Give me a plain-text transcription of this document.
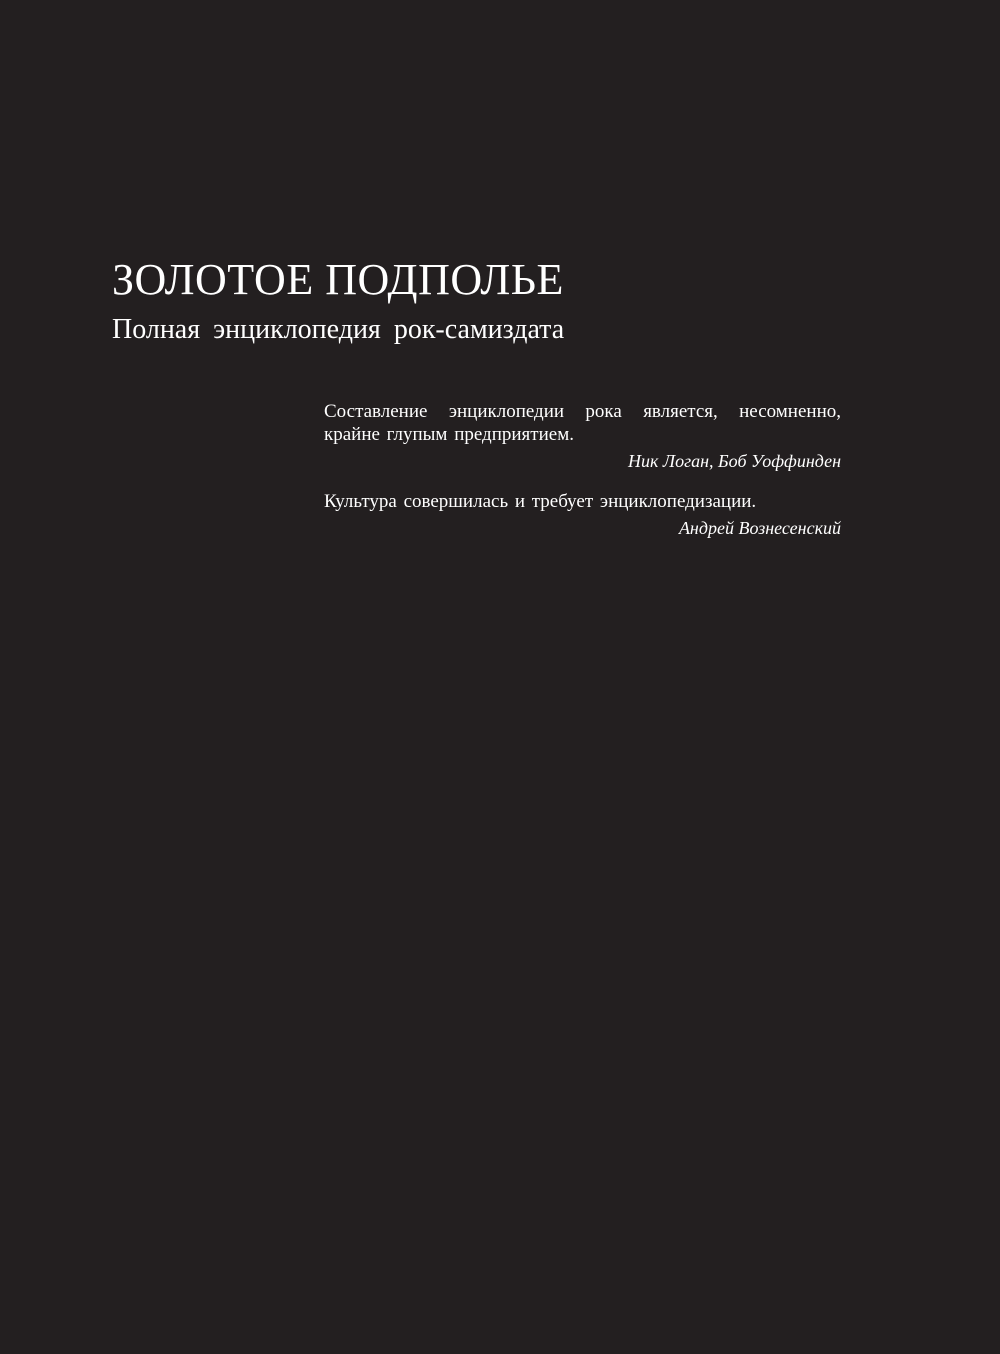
ЗОЛОТОЕ ПОДПОЛЬЕ
Полная энциклопедия рок-самиздата

Составление энциклопедии рока является, несомненно, крайне глупым предприятием.

Ник Логан, Боб Уоффинден

Культура совершилась и требует энциклопедизации.

Андрей Вознесенский
